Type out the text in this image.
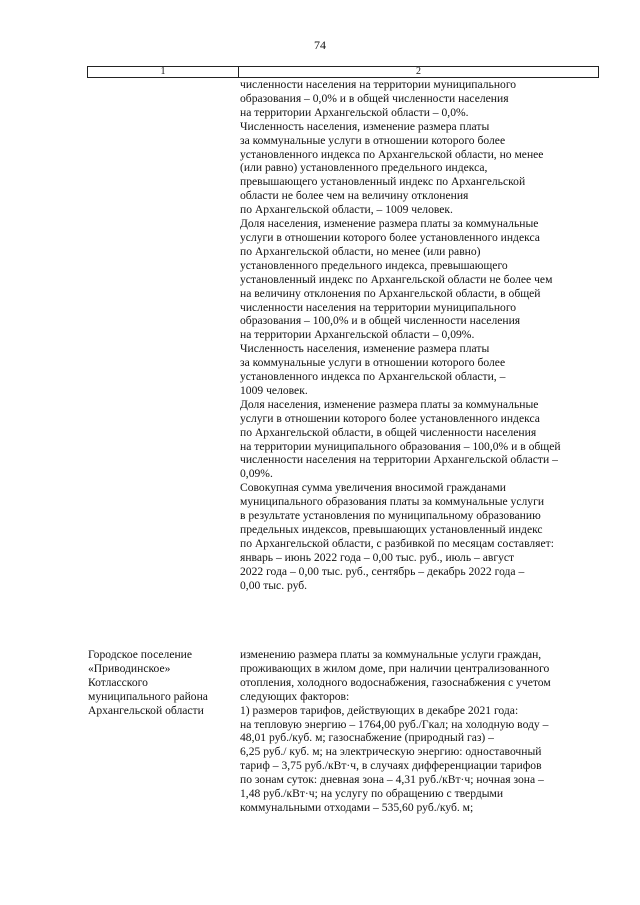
74
1	2

численности населения на территории муниципального

образования – 0,0% и в общей численности населения

на территории Архангельской области – 0,0%.

Численность населения, изменение размера платы

за коммунальные услуги в отношении которого более

установленного индекса по Архангельской области, но менее

(или равно) установленного предельного индекса,

превышающего установленный индекс по Архангельской

области не более чем на величину отклонения

по Архангельской области, – 1009 человек.

Доля населения, изменение размера платы за коммунальные

услуги в отношении которого более установленного индекса

по Архангельской области, но менее (или равно)

установленного предельного индекса, превышающего

установленный индекс по Архангельской области не более чем

на величину отклонения по Архангельской области, в общей

численности населения на территории муниципального

образования – 100,0% и в общей численности населения

на территории Архангельской области – 0,09%.

Численность населения, изменение размера платы

за коммунальные услуги в отношении которого более

установленного индекса по Архангельской области, –

1009 человек.

Доля населения, изменение размера платы за коммунальные

услуги в отношении которого более установленного индекса

по Архангельской области, в общей численности населения

на территории муниципального образования – 100,0% и в общей

численности населения на территории Архангельской области –

0,09%.

Совокупная сумма увеличения вносимой гражданами

муниципального образования платы за коммунальные услуги

в результате установления по муниципальному образованию

предельных индексов, превышающих установленный индекс

по Архангельской области, с разбивкой по месяцам составляет:

январь – июнь 2022 года – 0,00 тыс. руб., июль – август

2022 года – 0,00 тыс. руб., сентябрь – декабрь 2022 года –

0,00 тыс. руб.

Городское поселение

«Приводинское»

Котласского

муниципального района

Архангельской области

изменению размера платы за коммунальные услуги граждан,

проживающих в жилом доме, при наличии централизованного

отопления, холодного водоснабжения, газоснабжения с учетом

следующих факторов:

1) размеров тарифов, действующих в декабре 2021 года:

на тепловую энергию – 1764,00 руб./Гкал; на холодную воду –

48,01 руб./куб. м; газоснабжение (природный газ) –

6,25 руб./ куб. м; на электрическую энергию: одноставочный

тариф – 3,75 руб./кВт·ч, в случаях дифференциации тарифов

по зонам суток: дневная зона – 4,31 руб./кВт·ч; ночная зона –

1,48 руб./кВт·ч; на услугу по обращению с твердыми

коммунальными отходами – 535,60 руб./куб. м;
